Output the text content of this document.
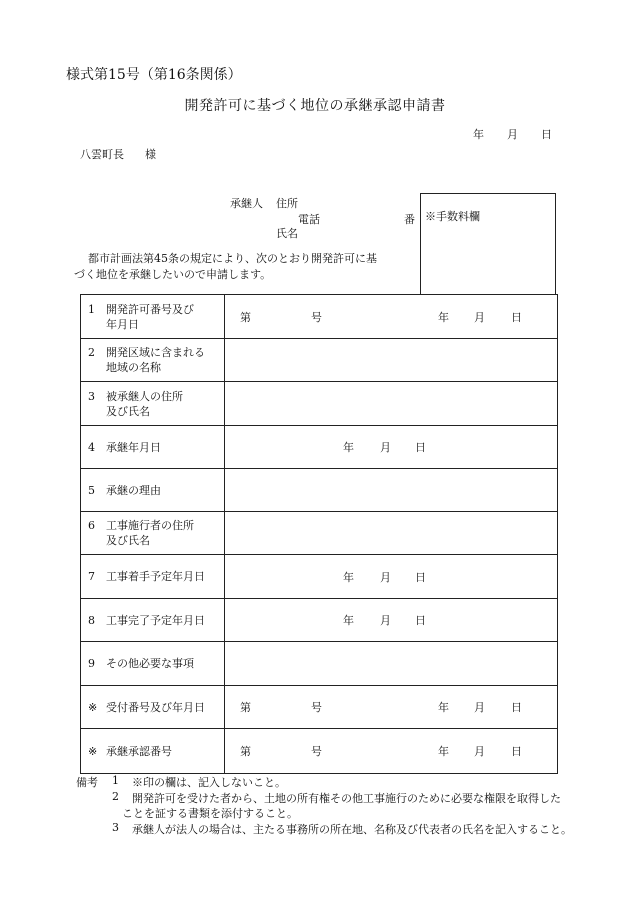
様式第15号（第16条関係）
開発許可に基づく地位の承継承認申請書
年 月 日
八雲町長 様
承継人 住所
電話	番
氏名
※手数料欄
都市計画法第45条の規定により、次のとおり開発許可に基
づく地位を承継したいので申請します。
1 開発許可番号及び
年月日	第 号 年 月 日

2 開発区域に含まれる
地域の名称	
3 被承継人の住所
及び氏名	
4 承継年月日	年 月 日

5 承継の理由	
6 工事施行者の住所
及び氏名	
7 工事着手予定年月日	年 月 日

8 工事完了予定年月日	年 月 日

9 その他必要な事項	
※ 受付番号及び年月日	第 号 年 月 日

※ 承継承認番号	第 号 年 月 日
備考 1 ※印の欄は、記入しないこと。
2 開発許可を受けた者から、土地の所有権その他工事施行のために必要な権限を取得した
ことを証する書類を添付すること。
3 承継人が法人の場合は、主たる事務所の所在地、名称及び代表者の氏名を記入すること。
